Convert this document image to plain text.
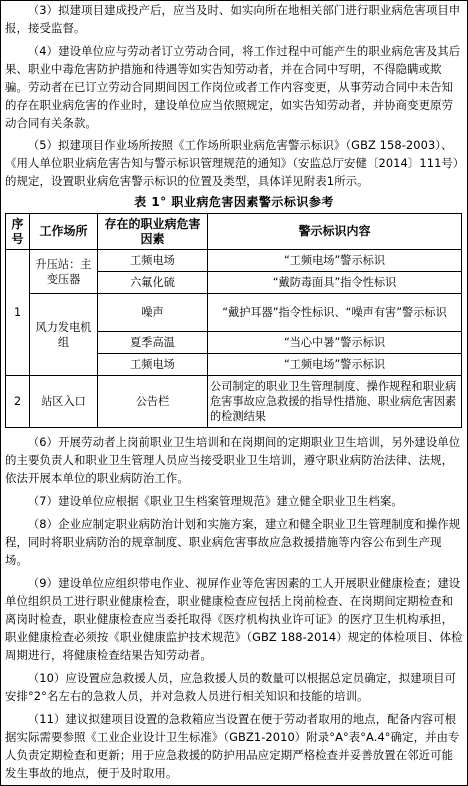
（3）拟建项目建成投产后，应当及时、如实向所在地相关部门进行职业病危害项目申报，接受监督。

（4）建设单位应与劳动者订立劳动合同，将工作过程中可能产生的职业病危害及其后果、职业中毒危害防护措施和待遇等如实告知劳动者，并在合同中写明，不得隐瞒或欺骗。劳动者在已订立劳动合同期间因工作岗位或者工作内容变更，从事劳动合同中未告知的存在职业病危害的作业时，建设单位应当依照规定，如实告知劳动者，并协商变更原劳动合同有关条款。

（5）拟建项目作业场所按照《工作场所职业病危害警示标识》（GBZ 158-2003）、《用人单位职业病危害告知与警示标识管理规范的通知》（安监总厅安健〔2014〕111号）的规定，设置职业病危害警示标识的位置及类型，具体详见附表1所示。

表 1° 职业病危害因素警示标识参考
序号	工作场所	存在的职业病危害因素	警示标识内容
1	升压站：主变压器	工频电场	“工频电场”警示标识
		六氟化硫	“戴防毒面具”指令性标识
	风力发电机组	噪声	“戴护耳器”指令性标识、“噪声有害”警示标识
		夏季高温	“当心中暑”警示标识
		工频电场	“工频电场”警示标识
2	站区入口	公告栏	公司制定的职业卫生管理制度、操作规程和职业病危害事故应急救援的指导性措施、职业病危害因素的检测结果

（6）开展劳动者上岗前职业卫生培训和在岗期间的定期职业卫生培训，另外建设单位的主要负责人和职业卫生管理人员应当接受职业卫生培训，遵守职业病防治法律、法规，依法开展本单位的职业病防治工作。

（7）建设单位应根据《职业卫生档案管理规范》建立健全职业卫生档案。

（8）企业应制定职业病防治计划和实施方案，建立和健全职业卫生管理制度和操作规程，同时将职业病防治的规章制度、职业病危害事故应急救援措施等内容公布到生产现场。

（9）建设单位应组织带电作业、视屏作业等危害因素的工人开展职业健康检查；建设单位组织员工进行职业健康检查，职业健康检查应包括上岗前检查、在岗期间定期检查和离岗时检查，职业健康检查应当委托取得《医疗机构执业许可证》的医疗卫生机构承担，职业健康检查必须按《职业健康监护技术规范》（GBZ 188-2014）规定的体检项目、体检周期进行，将健康检查结果告知劳动者。

（10）应设置应急救援人员，应急救援人员的数量可以根据总定员确定，拟建项目可安排°2°名左右的急救人员，并对急救人员进行相关知识和技能的培训。

（11）建议拟建项目设置的急救箱应当设置在便于劳动者取用的地点，配备内容可根据实际需要参照《工业企业设计卫生标准》（GBZ1-2010）附录°A°表°A.4°确定，并由专人负责定期检查和更新；用于应急救援的防护用品应定期严格检查并妥善放置在邻近可能发生事故的地点，便于及时取用。
